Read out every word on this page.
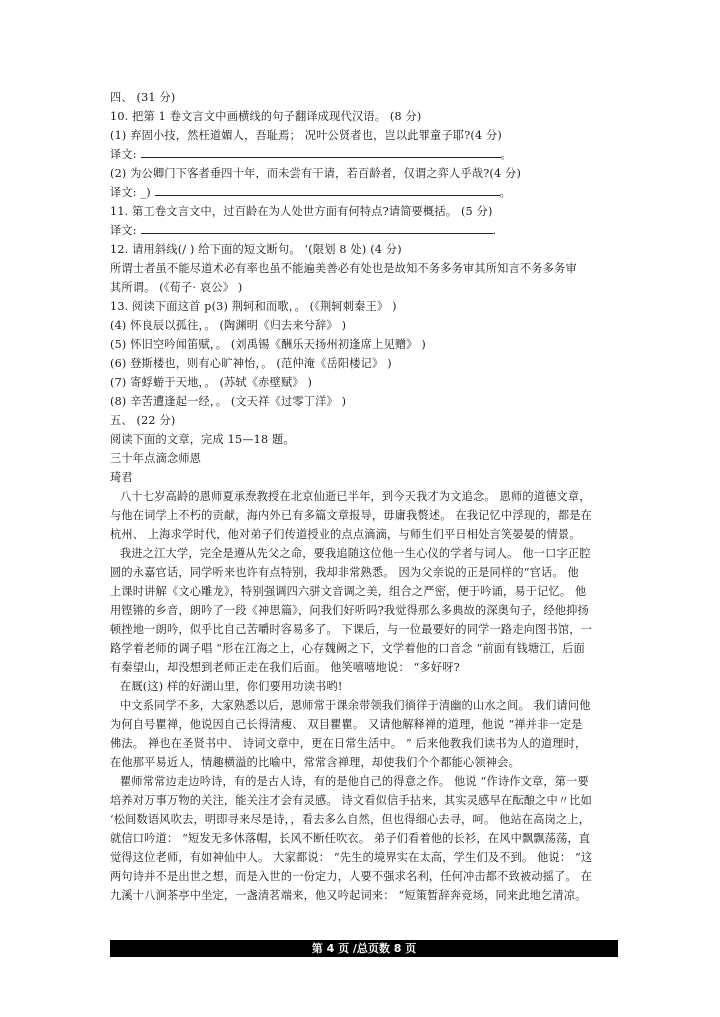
四、 (31 分)
10. 把第 1 卷文言文中画横线的句子翻译成现代汉语。 (8 分)
(1) 弃固小技，然枉道媚人，吾耻焉； 况叶公贤者也，岂以此罪童子耶?(4 分)
译文:	。
(2) 为公卿门下客者垂四十年，而未尝有干请，若百龄者，仅谓之弈人乎哉?(4 分)
译文: _)	。
11. 第工卷文言文中，过百龄在为人处世方面有何特点?请简要概括。 (5 分)
译文:	.
12. 请用斜线(/ ) 给下面的短文断句。 ‘(限划 8 处) (4 分)
所谓士者虽不能尽道术必有率也虽不能遍美善必有处也是故知不务多务审其所知言不务多务审
其所谓。 (《荀子· 哀公》 )
13. 阅读下面这首 p(3) 荆轲和而歌，。 (《荆轲刺秦王》 )
(4) 怀良辰以孤往，。 (陶渊明《归去来兮辞》 )
(5) 怀旧空吟闻笛赋，。 (刘禹锡《酬乐天扬州初逢席上见赠》 )
(6) 登斯楼也，则有心旷神怡，。 (范仲淹《岳阳楼记》 )
(7) 寄蜉蝣于天地，。 (苏轼《赤壁赋》 )
(8) 辛苦遭逢起一经，。 (文天祥《过零丁洋》 )
五、 (22 分)
阅读下面的文章，完成 15—18 题。
三十年点滴念师恩
琦君
八十七岁高龄的恩师夏承焘教授在北京仙逝已半年，到今天我才为文追念。 恩师的道德文章，
与他在词学上不朽的贡献，海内外已有多篇文章报导，毋庸我赘述。 在我记忆中浮现的，都是在
杭州、 上海求学时代，他对弟子们传道授业的点点滴滴，与师生们平日相处言笑晏晏的情景。
我进之江大学，完全是遵从先父之命，要我追随这位他一生心仪的学者与词人。 他一口字正腔
圆的永嘉官话，同学听来也许有点特别，我却非常熟悉。 因为父亲说的正是同样的“官话。 他
上课时讲解《文心雕龙》，特别强调四六骈文音调之美，组合之严密，便于吟诵，易于记忆。 他
用铿锵的乡音，朗吟了一段《神思篇》，问我们好听吗?我觉得那么多典故的深奥句子，经他抑扬
顿挫地一朗吟，似乎比自己苦嚼时容易多了。 下课后，与一位最要好的同学一路走向图书馆，一
路学着老师的调子唱 “形在江海之上，心存魏阙之下，文学着他的口音念 “前面有钱塘江，后面
有秦望山，却没想到老师正走在我们后面。 他笑嘻嘻地说： “多好呀?
在厩(这) 样的好湖山里，你们要用功读书哟!
中文系同学不多，大家熟悉以后，恩师常于课余带领我们徜徉于清幽的山水之间。 我们请问他
为何自号瞿禅，他说因自己长得清瘦、 双目瞿瞿。 又请他解释禅的道理，他说 “禅并非一定是
佛法。 禅也在圣贤书中、 诗词文章中，更在日常生活中。 ” 后来他教我们读书为人的道理时，
在他那平易近人，情趣横溢的比喻中，常常含禅理，却使我们个个都能心领神会。
瞿师常常边走边吟诗，有的是古人诗，有的是他自己的得意之作。 他说 “作诗作文章，第一要
培养对万事万物的关注，能关注才会有灵感。 诗文看似信手拈来，其实灵感早在酝酿之中〃比如
‘松间数语风吹去，明即寻来尽是诗，，看去多么自然，但也得细心去寻，呵。 他站在高岗之上，
就信口吟道： “短发无多休落帽，长风不断任吹衣。 弟子们看着他的长衫，在风中飘飘荡荡，直
觉得这位老师，有如神仙中人。 大家都说： “先生的境界实在太高，学生们及不到。 他说： “这
两句诗并不是出世之想，而是入世的一份定力，人要不强求名利，任何冲击都不致被动摇了。 在
九溪十八涧茶亭中坐定，一盏清茗端来，他又吟起词来： “短策暂辞奔竞场，同来此地乞清凉。
第 4 页 /总页数 8 页
